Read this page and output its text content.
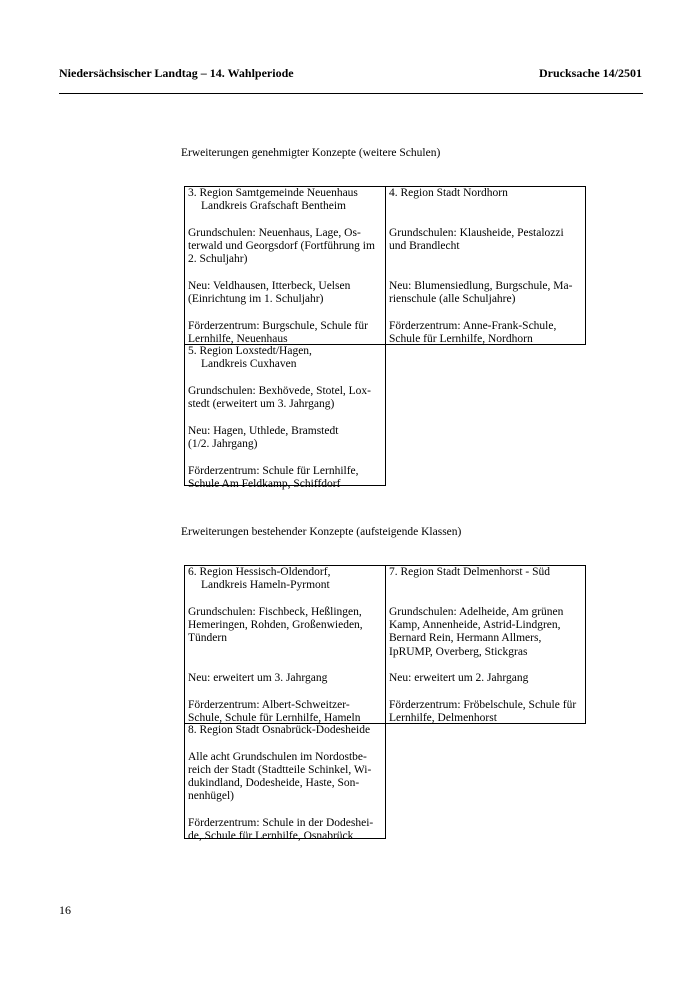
Niedersächsischer Landtag – 14. Wahlperiode	Drucksache 14/2501
Erweiterungen genehmigter Konzepte (weitere Schulen)

3. Region Samtgemeinde Neuenhaus

Landkreis Grafschaft Bentheim

Grundschulen: Neuenhaus, Lage, Os-

terwald und Georgsdorf (Fortführung im

2. Schuljahr)

Neu: Veldhausen, Itterbeck, Uelsen

(Einrichtung im 1. Schuljahr)

Förderzentrum: Burgschule, Schule für

Lernhilfe, Neuenhaus

4. Region Stadt Nordhorn

Grundschulen: Klausheide, Pestalozzi

und Brandlecht

Neu: Blumensiedlung, Burgschule, Ma-

rienschule (alle Schuljahre)

Förderzentrum: Anne-Frank-Schule,

Schule für Lernhilfe, Nordhorn

5. Region Loxstedt/Hagen,

Landkreis Cuxhaven

Grundschulen: Bexhövede, Stotel, Lox-

stedt (erweitert um 3. Jahrgang)

Neu: Hagen, Uthlede, Bramstedt

(1/2. Jahrgang)

Förderzentrum: Schule für Lernhilfe,

Schule Am Feldkamp, Schiffdorf

Erweiterungen bestehender Konzepte (aufsteigende Klassen)

6. Region Hessisch-Oldendorf,

Landkreis Hameln-Pyrmont

Grundschulen: Fischbeck, Heßlingen,

Hemeringen, Rohden, Großenwieden,

Tündern

Neu: erweitert um 3. Jahrgang

Förderzentrum: Albert-Schweitzer-

Schule, Schule für Lernhilfe, Hameln

7. Region Stadt Delmenhorst - Süd

Grundschulen: Adelheide, Am grünen

Kamp, Annenheide, Astrid-Lindgren,

Bernard Rein, Hermann Allmers,

IpRUMP, Overberg, Stickgras

Neu: erweitert um 2. Jahrgang

Förderzentrum: Fröbelschule, Schule für

Lernhilfe, Delmenhorst

8. Region Stadt Osnabrück-Dodesheide

Alle acht Grundschulen im Nordostbe-

reich der Stadt (Stadtteile Schinkel, Wi-

dukindland, Dodesheide, Haste, Son-

nenhügel)

Förderzentrum: Schule in der Dodeshei-

de, Schule für Lernhilfe, Osnabrück

16
